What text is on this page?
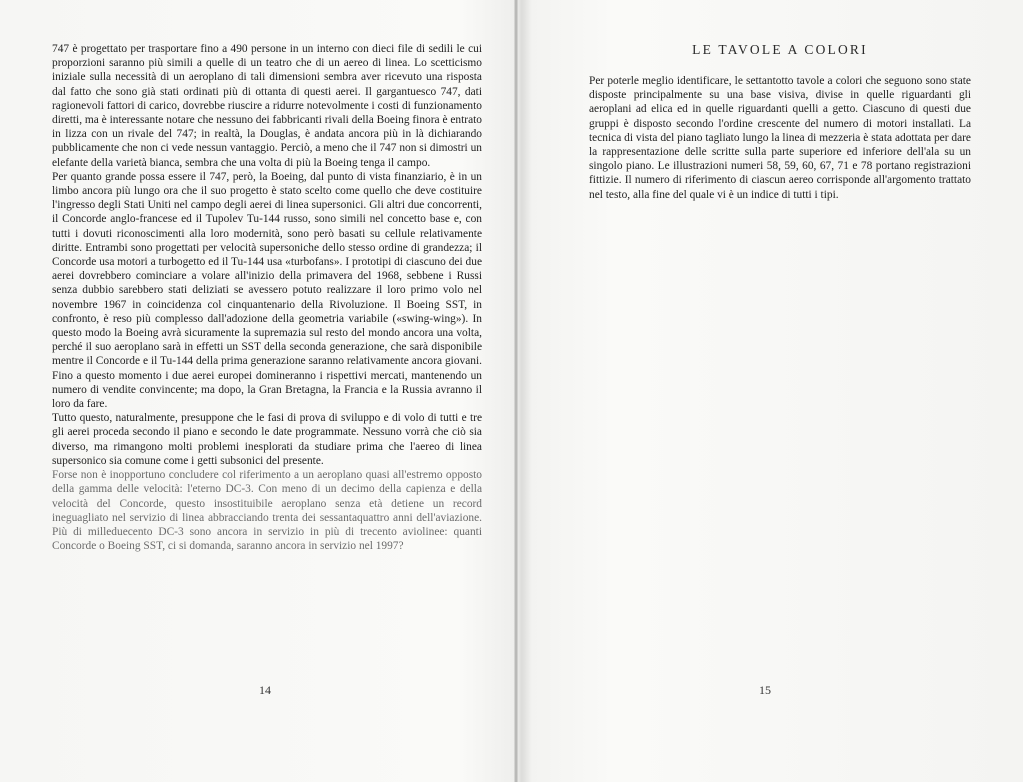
747 è progettato per trasportare fino a 490 persone in un interno con dieci file di sedili le cui proporzioni saranno più simili a quelle di un teatro che di un aereo di linea. Lo scetticismo iniziale sulla necessità di un aeroplano di tali dimensioni sembra aver ricevuto una risposta dal fatto che sono già stati ordinati più di ottanta di questi aerei. Il gargantuesco 747, dati ragionevoli fattori di carico, dovrebbe riuscire a ridurre notevolmente i costi di funzionamento diretti, ma è interessante notare che nessuno dei fabbricanti rivali della Boeing finora è entrato in lizza con un rivale del 747; in realtà, la Douglas, è andata ancora più in là dichiarando pubblicamente che non ci vede nessun vantaggio. Perciò, a meno che il 747 non si dimostri un elefante della varietà bianca, sembra che una volta di più la Boeing tenga il campo.

Per quanto grande possa essere il 747, però, la Boeing, dal punto di vista finanziario, è in un limbo ancora più lungo ora che il suo progetto è stato scelto come quello che deve costituire l'ingresso degli Stati Uniti nel campo degli aerei di linea supersonici. Gli altri due concorrenti, il Concorde anglo-francese ed il Tupolev Tu-144 russo, sono simili nel concetto base e, con tutti i dovuti riconoscimenti alla loro modernità, sono però basati su cellule relativamente diritte. Entrambi sono progettati per velocità supersoniche dello stesso ordine di grandezza; il Concorde usa motori a turbogetto ed il Tu-144 usa «turbofans». I prototipi di ciascuno dei due aerei dovrebbero cominciare a volare all'inizio della primavera del 1968, sebbene i Russi senza dubbio sarebbero stati deliziati se avessero potuto realizzare il loro primo volo nel novembre 1967 in coincidenza col cinquantenario della Rivoluzione. Il Boeing SST, in confronto, è reso più complesso dall'adozione della geometria variabile («swing-wing»). In questo modo la Boeing avrà sicuramente la supremazia sul resto del mondo ancora una volta, perché il suo aeroplano sarà in effetti un SST della seconda generazione, che sarà disponibile mentre il Concorde e il Tu-144 della prima generazione saranno relativamente ancora giovani. Fino a questo momento i due aerei europei domineranno i rispettivi mercati, mantenendo un numero di vendite convincente; ma dopo, la Gran Bretagna, la Francia e la Russia avranno il loro da fare.

Tutto questo, naturalmente, presuppone che le fasi di prova di sviluppo e di volo di tutti e tre gli aerei proceda secondo il piano e secondo le date programmate. Nessuno vorrà che ciò sia diverso, ma rimangono molti problemi inesplorati da studiare prima che l'aereo di linea supersonico sia comune come i getti subsonici del presente.

Forse non è inopportuno concludere col riferimento a un aeroplano quasi all'estremo opposto della gamma delle velocità: l'eterno DC-3. Con meno di un decimo della capienza e della velocità del Concorde, questo insostituibile aeroplano senza età detiene un record ineguagliato nel servizio di linea abbracciando trenta dei sessantaquattro anni dell'aviazione. Più di milleduecento DC-3 sono ancora in servizio in più di trecento aviolinee: quanti Concorde o Boeing SST, ci si domanda, saranno ancora in servizio nel 1997?

14
LE TAVOLE A COLORI

Per poterle meglio identificare, le settantotto tavole a colori che seguono sono state disposte principalmente su una base visiva, divise in quelle riguardanti gli aeroplani ad elica ed in quelle riguardanti quelli a getto. Ciascuno di questi due gruppi è disposto secondo l'ordine crescente del numero di motori installati. La tecnica di vista del piano tagliato lungo la linea di mezzeria è stata adottata per dare la rappresentazione delle scritte sulla parte superiore ed inferiore dell'ala su un singolo piano. Le illustrazioni numeri 58, 59, 60, 67, 71 e 78 portano registrazioni fittizie. Il numero di riferimento di ciascun aereo corrisponde all'argomento trattato nel testo, alla fine del quale vi è un indice di tutti i tipi.

15
